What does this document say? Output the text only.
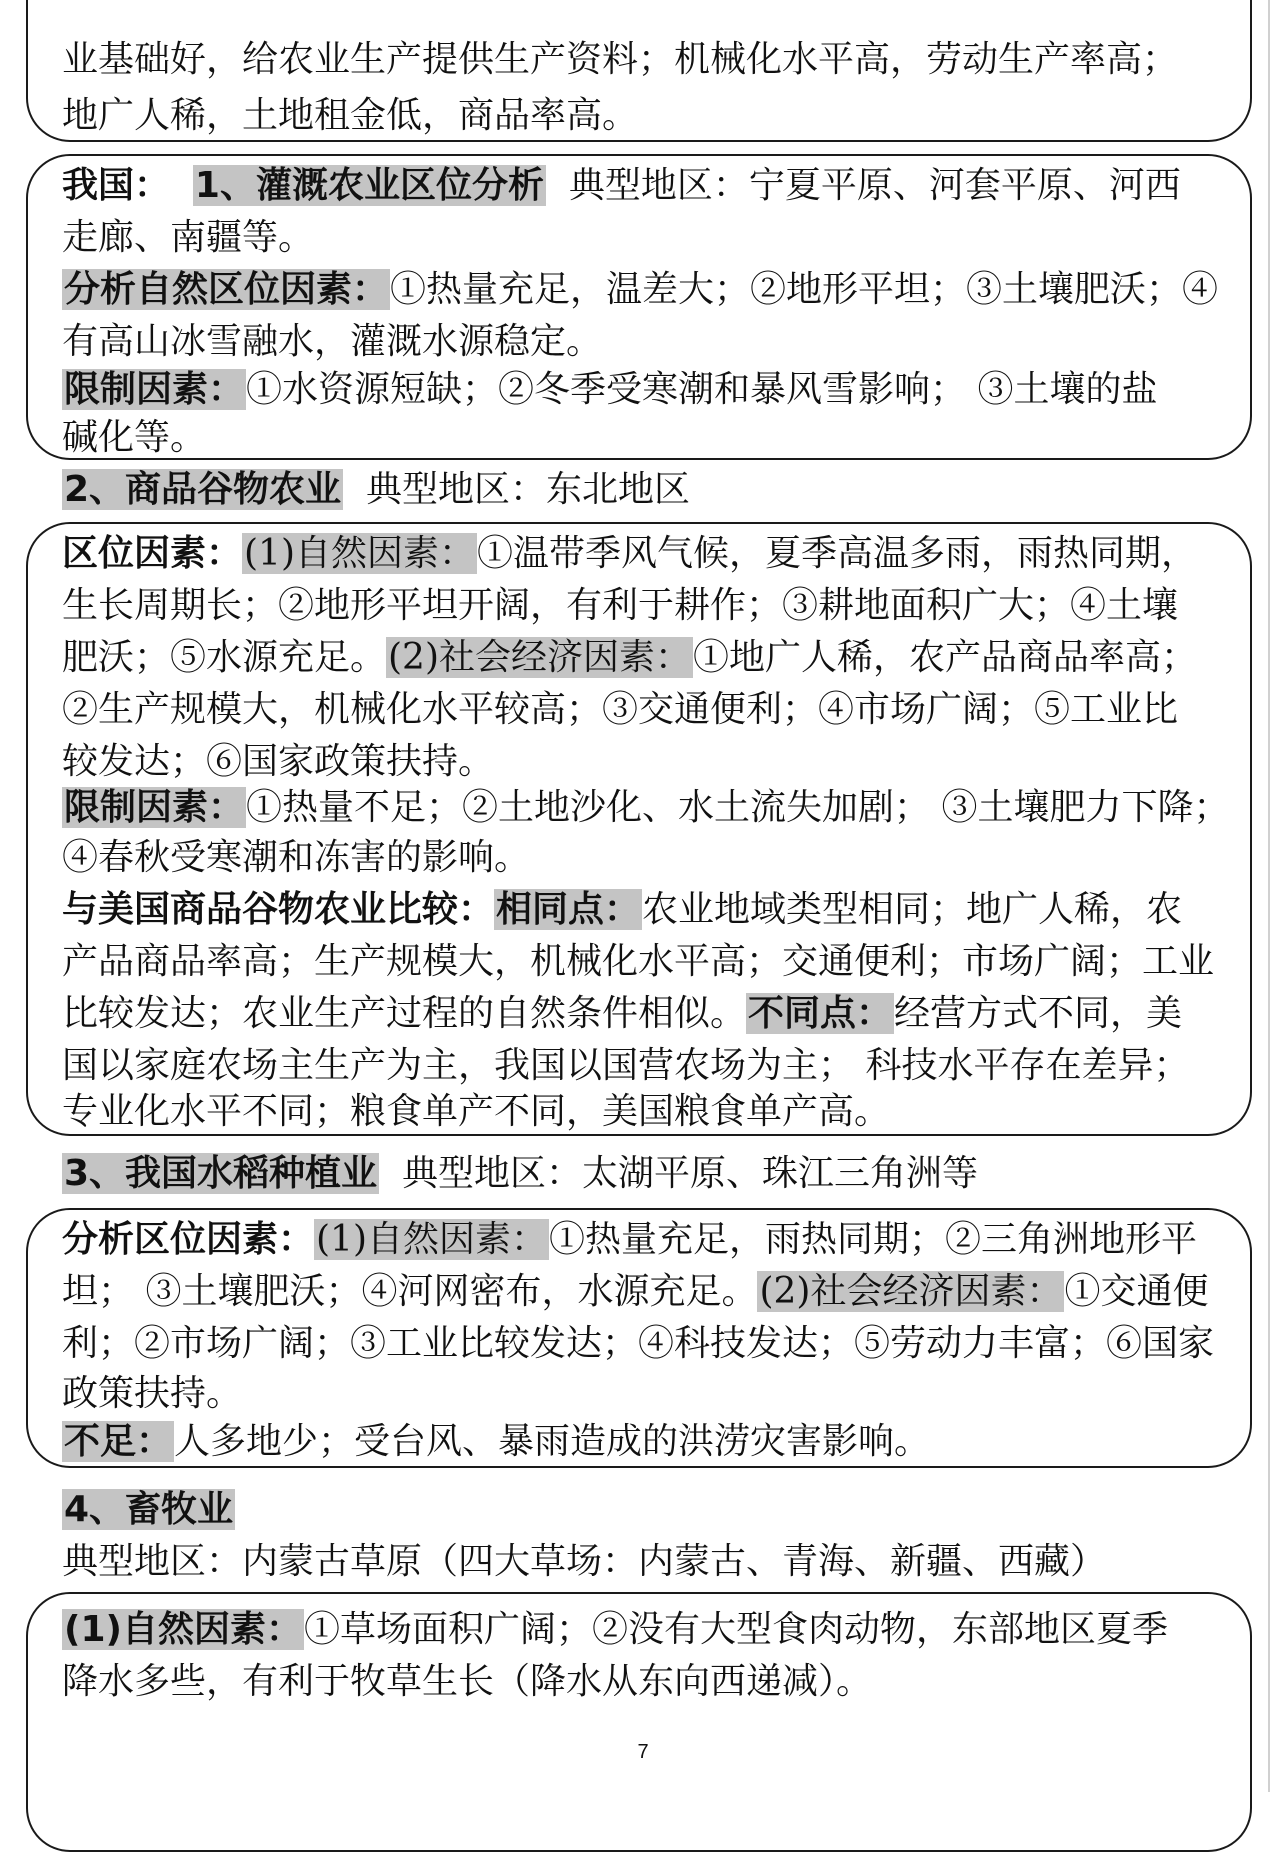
业基础好，给农业生产提供生产资料；机械化水平高，劳动生产率高；
地广人稀，土地租金低，商品率高。
我国： 1、灌溉农业区位分析 典型地区：宁夏平原、河套平原、河西
走廊、南疆等。
分析自然区位因素：①热量充足，温差大；②地形平坦；③土壤肥沃；④
有高山冰雪融水，灌溉水源稳定。
限制因素：①水资源短缺；②冬季受寒潮和暴风雪影响； ③土壤的盐
碱化等。
2、商品谷物农业 典型地区：东北地区
区位因素：(1)自然因素：①温带季风气候，夏季高温多雨，雨热同期，
生长周期长；②地形平坦开阔，有利于耕作；③耕地面积广大；④土壤
肥沃；⑤水源充足。(2)社会经济因素：①地广人稀，农产品商品率高；
②生产规模大，机械化水平较高；③交通便利；④市场广阔；⑤工业比
较发达；⑥国家政策扶持。
限制因素：①热量不足；②土地沙化、水土流失加剧； ③土壤肥力下降；
④春秋受寒潮和冻害的影响。
与美国商品谷物农业比较：相同点：农业地域类型相同；地广人稀，农
产品商品率高；生产规模大，机械化水平高；交通便利；市场广阔；工业
比较发达；农业生产过程的自然条件相似。不同点：经营方式不同，美
国以家庭农场主生产为主，我国以国营农场为主； 科技水平存在差异；
专业化水平不同；粮食单产不同，美国粮食单产高。
3、我国水稻种植业 典型地区：太湖平原、珠江三角洲等
分析区位因素：(1)自然因素：①热量充足，雨热同期；②三角洲地形平
坦； ③土壤肥沃；④河网密布，水源充足。(2)社会经济因素：①交通便
利；②市场广阔；③工业比较发达；④科技发达；⑤劳动力丰富；⑥国家
政策扶持。
不足：人多地少；受台风、暴雨造成的洪涝灾害影响。
4、畜牧业
典型地区：内蒙古草原（四大草场：内蒙古、青海、新疆、西藏）
(1)自然因素：①草场面积广阔；②没有大型食肉动物，东部地区夏季
降水多些，有利于牧草生长（降水从东向西递减）。
7
